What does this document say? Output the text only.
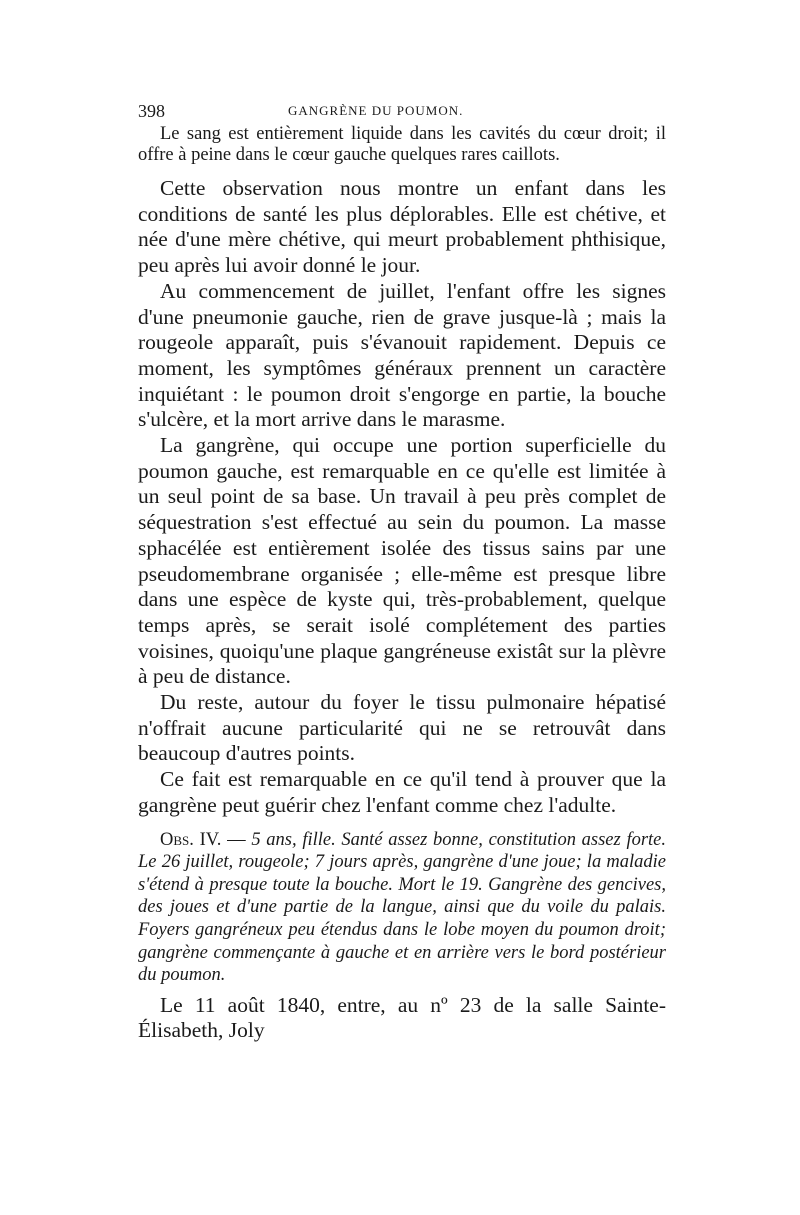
398	GANGRÈNE DU POUMON.

Le sang est entièrement liquide dans les cavités du cœur droit; il offre à peine dans le cœur gauche quelques rares caillots.

Cette observation nous montre un enfant dans les conditions de santé les plus déplorables. Elle est chétive, et née d'une mère chétive, qui meurt probablement phthisique, peu après lui avoir donné le jour.

Au commencement de juillet, l'enfant offre les signes d'une pneumonie gauche, rien de grave jusque-là ; mais la rougeole apparaît, puis s'évanouit rapidement. Depuis ce moment, les symptômes généraux prennent un caractère inquiétant : le poumon droit s'engorge en partie, la bouche s'ulcère, et la mort arrive dans le marasme.

La gangrène, qui occupe une portion superficielle du poumon gauche, est remarquable en ce qu'elle est limitée à un seul point de sa base. Un travail à peu près complet de séquestration s'est effectué au sein du poumon. La masse sphacélée est entièrement isolée des tissus sains par une pseudomembrane organisée ; elle-même est presque libre dans une espèce de kyste qui, très-probablement, quelque temps après, se serait isolé complétement des parties voisines, quoiqu'une plaque gangréneuse existât sur la plèvre à peu de distance.

Du reste, autour du foyer le tissu pulmonaire hépatisé n'offrait aucune particularité qui ne se retrouvât dans beaucoup d'autres points.

Ce fait est remarquable en ce qu'il tend à prouver que la gangrène peut guérir chez l'enfant comme chez l'adulte.

Obs. IV. — 5 ans, fille. Santé assez bonne, constitution assez forte. Le 26 juillet, rougeole; 7 jours après, gangrène d'une joue; la maladie s'étend à presque toute la bouche. Mort le 19. Gangrène des gencives, des joues et d'une partie de la langue, ainsi que du voile du palais. Foyers gangréneux peu étendus dans le lobe moyen du poumon droit; gangrène commençante à gauche et en arrière vers le bord postérieur du poumon.

Le 11 août 1840, entre, au nº 23 de la salle Sainte-Élisabeth, Joly
